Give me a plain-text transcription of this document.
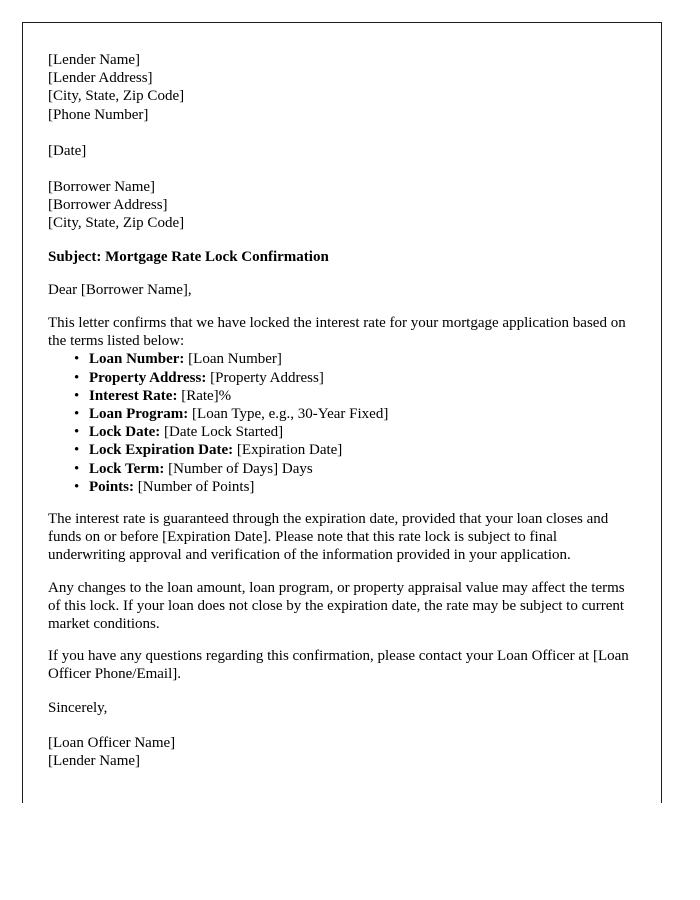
[Lender Name]
[Lender Address]
[City, State, Zip Code]
[Phone Number]
[Date]
[Borrower Name]
[Borrower Address]
[City, State, Zip Code]
Subject: Mortgage Rate Lock Confirmation
Dear [Borrower Name],
This letter confirms that we have locked the interest rate for your mortgage application based on the terms listed below:
• Loan Number: [Loan Number]
• Property Address: [Property Address]
• Interest Rate: [Rate]%
• Loan Program: [Loan Type, e.g., 30-Year Fixed]
• Lock Date: [Date Lock Started]
• Lock Expiration Date: [Expiration Date]
• Lock Term: [Number of Days] Days
• Points: [Number of Points]
The interest rate is guaranteed through the expiration date, provided that your loan closes and funds on or before [Expiration Date]. Please note that this rate lock is subject to final underwriting approval and verification of the information provided in your application.
Any changes to the loan amount, loan program, or property appraisal value may affect the terms of this lock. If your loan does not close by the expiration date, the rate may be subject to current market conditions.
If you have any questions regarding this confirmation, please contact your Loan Officer at [Loan Officer Phone/Email].
Sincerely,
[Loan Officer Name]
[Lender Name]
